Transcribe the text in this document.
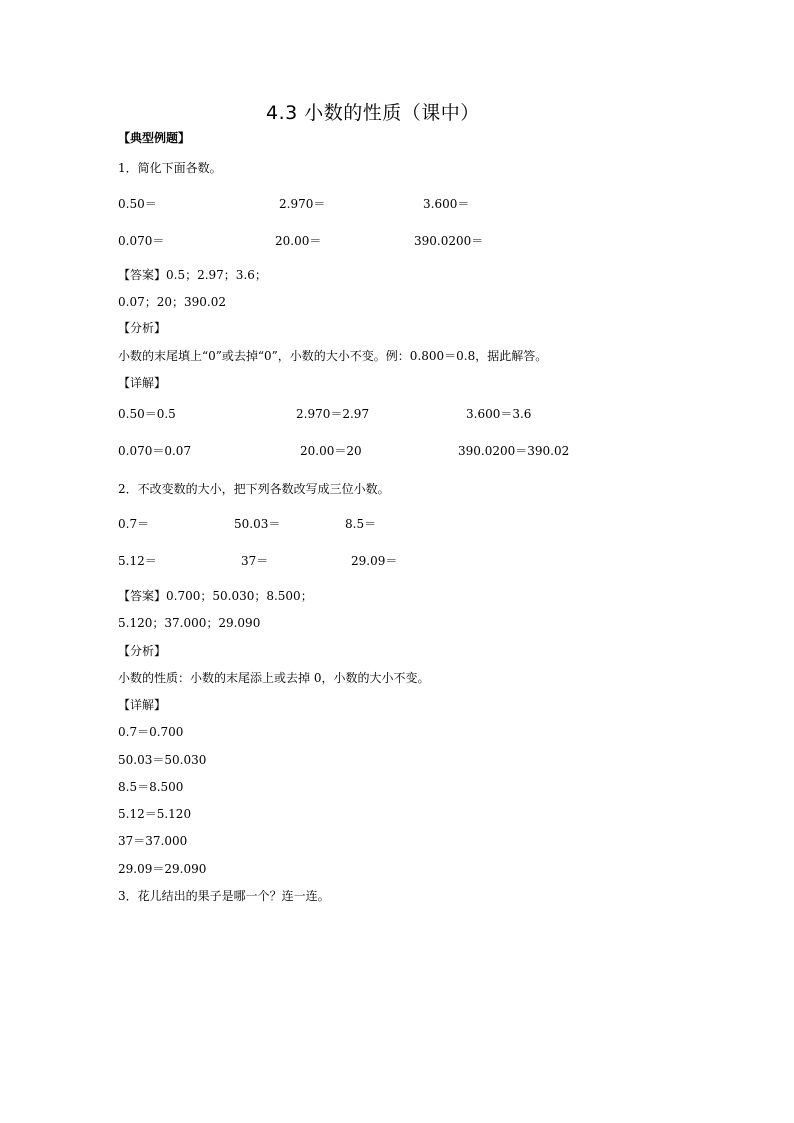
4.3 小数的性质（课中）
【典型例题】
1．简化下面各数。
0.50＝	2.970＝	3.600＝
0.070＝	20.00＝	390.0200＝
【答案】0.5；2.97；3.6；
0.07；20；390.02
【分析】
小数的末尾填上“0”或去掉“0”，小数的大小不变。例：0.800＝0.8，据此解答。
【详解】
0.50＝0.5	2.970＝2.97	3.600＝3.6
0.070＝0.07	20.00＝20	390.0200＝390.02
2．不改变数的大小，把下列各数改写成三位小数。
0.7＝	50.03＝	8.5＝
5.12＝	37＝	29.09＝
【答案】0.700；50.030；8.500；
5.120；37.000；29.090
【分析】
小数的性质：小数的末尾添上或去掉 0，小数的大小不变。
【详解】
0.7＝0.700
50.03＝50.030
8.5＝8.500
5.12＝5.120
37＝37.000
29.09＝29.090
3．花儿结出的果子是哪一个？连一连。
